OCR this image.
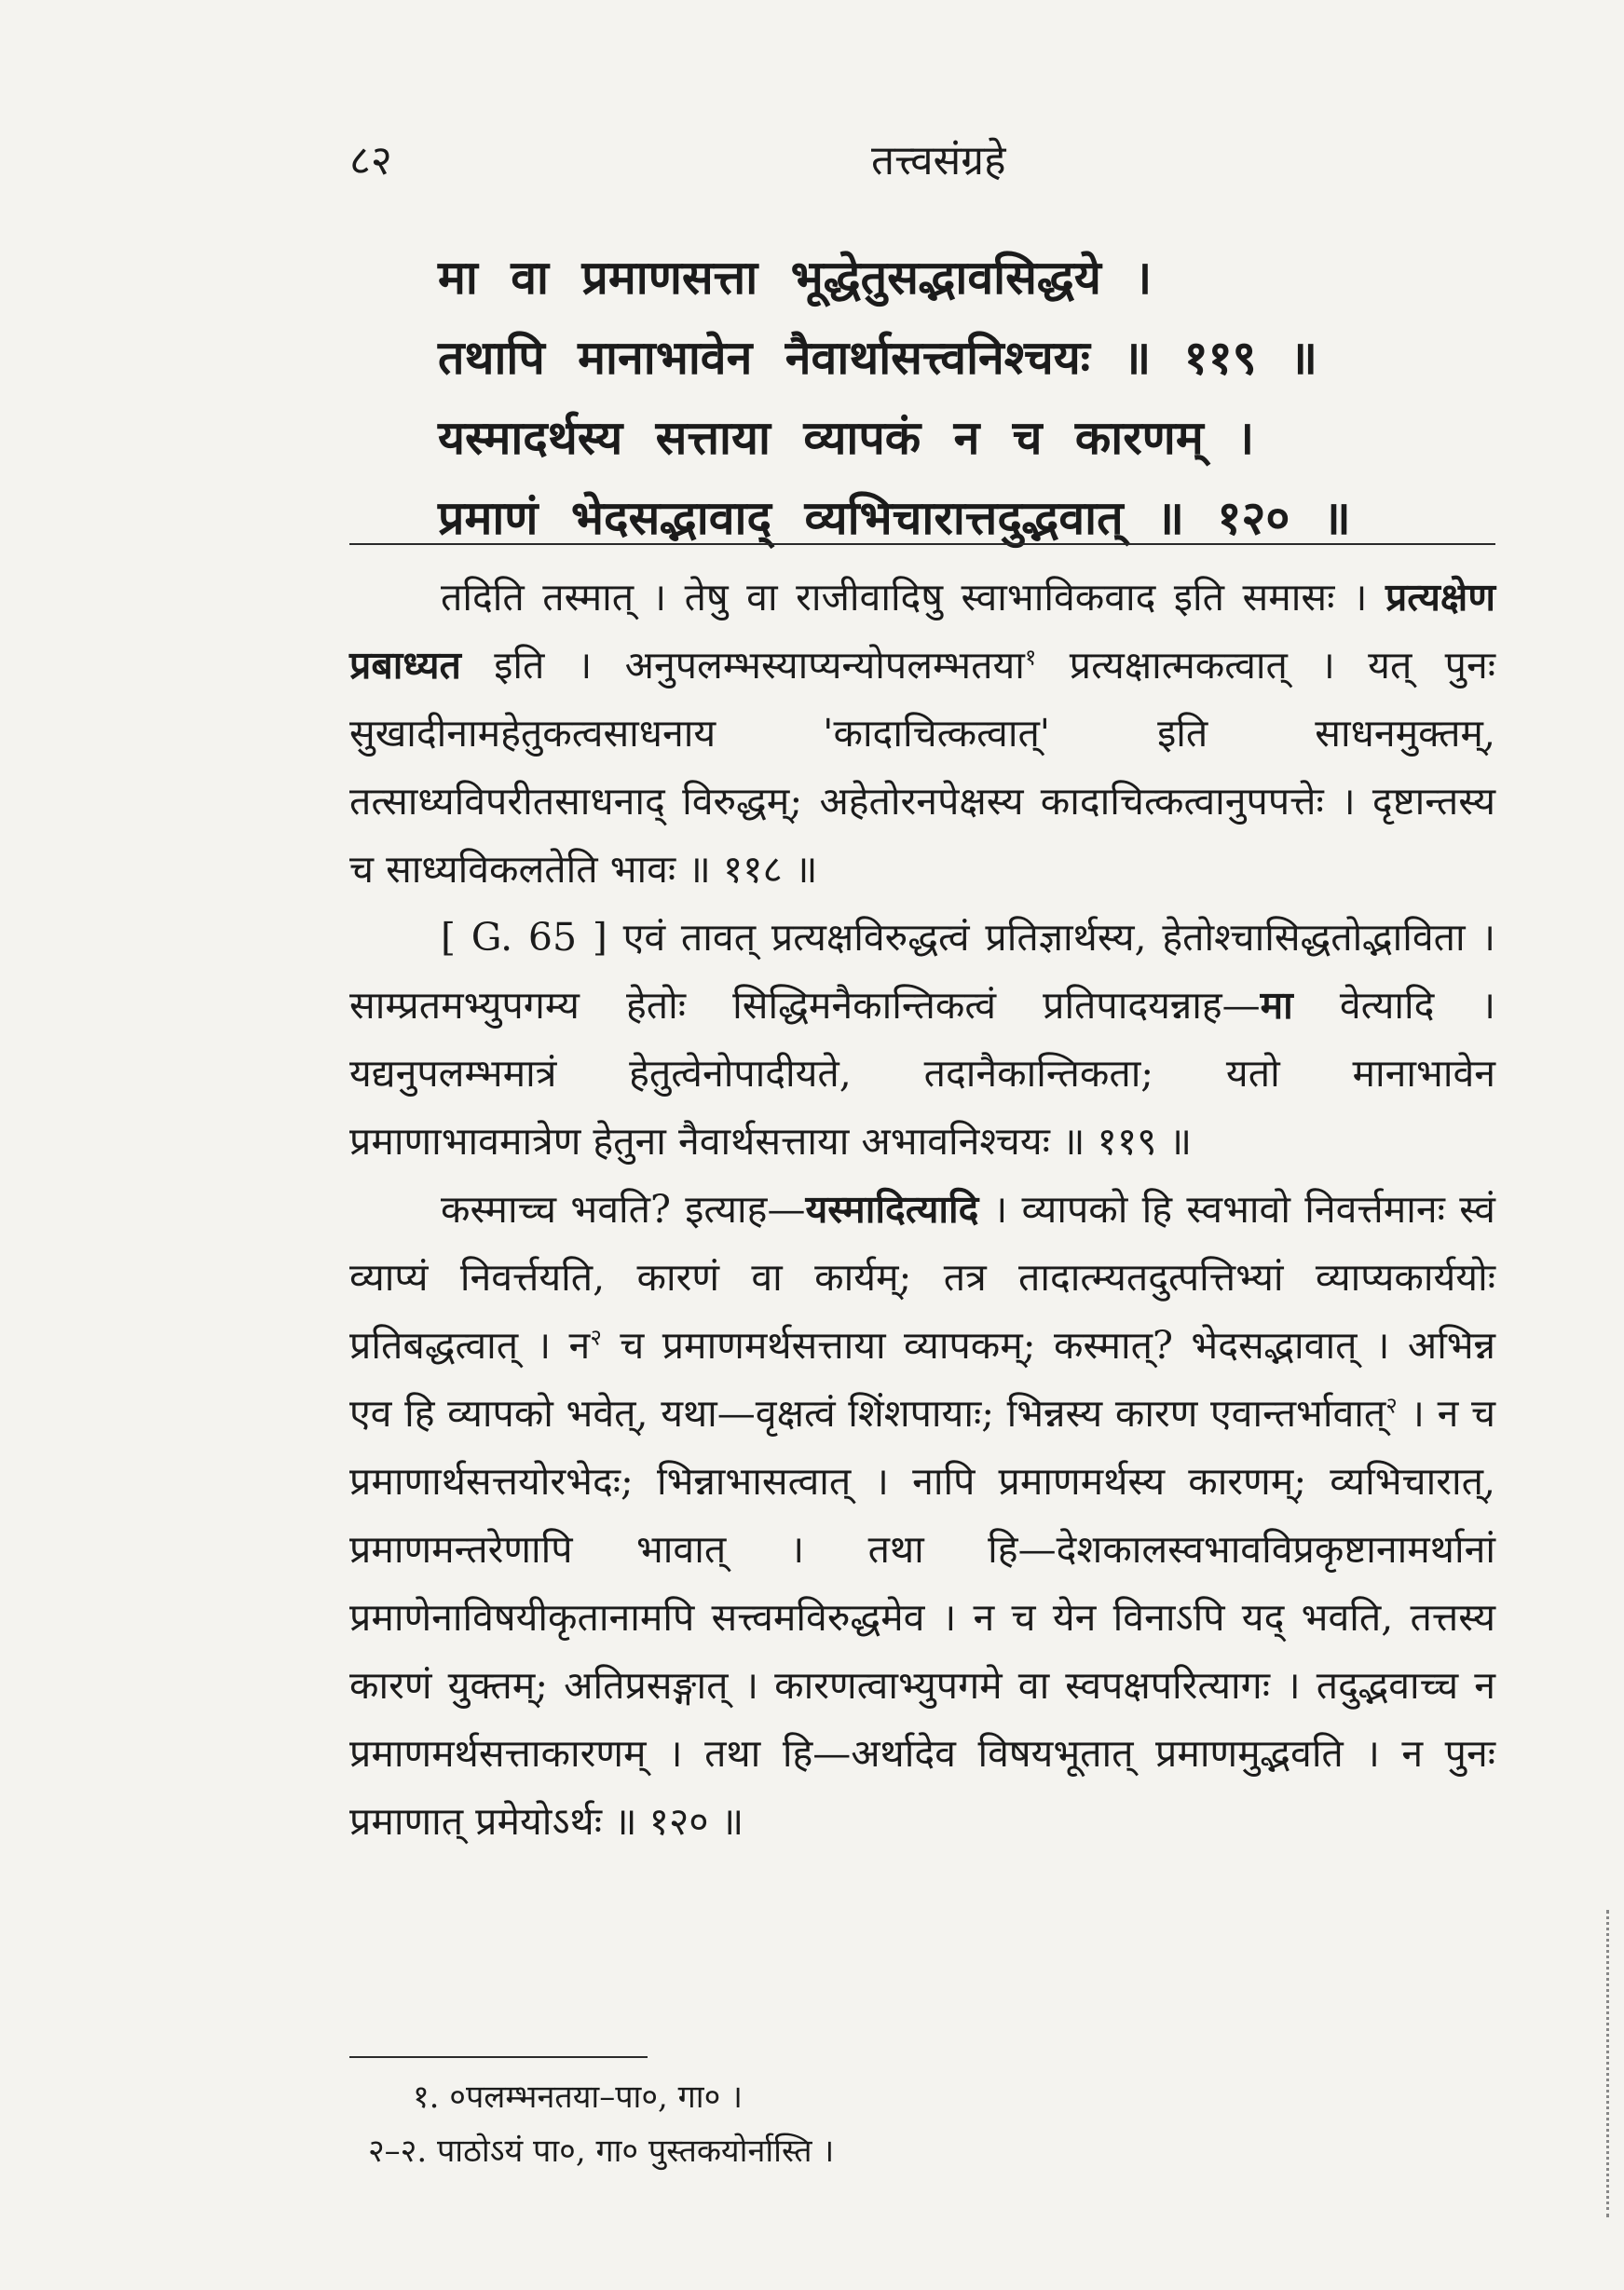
८२	तत्त्वसंग्रहे
मा वा प्रमाणसत्ता भूद्धेतुसद्भावसिद्धये ।
तथापि मानाभावेन नैवार्थासत्त्वनिश्चयः ॥ ११९ ॥
यस्मादर्थस्य सत्ताया व्यापकं न च कारणम् ।
प्रमाणं भेदसद्भावाद् व्यभिचारात्तदुद्भवात् ॥ १२० ॥

तदिति तस्मात् । तेषु वा राजीवादिषु स्वाभाविकवाद इति समासः । प्रत्यक्षेण प्रबाध्यत इति । अनुपलम्भस्याप्यन्योपलम्भतया$^१$ प्रत्यक्षात्मकत्वात् । यत् पुनः सुखादीनामहेतुकत्वसाधनाय 'कादाचित्कत्वात्' इति साधनमुक्तम्, तत्साध्यविपरीतसाधनाद् विरुद्धम्; अहेतोरनपेक्षस्य कादाचित्कत्वानुपपत्तेः । दृष्टान्तस्य च साध्यविकलतेति भावः ॥ ११८ ॥

[ G. 65 ] एवं तावत् प्रत्यक्षविरुद्धत्वं प्रतिज्ञार्थस्य, हेतोश्चासिद्धतोद्भाविता । साम्प्रतमभ्युपगम्य हेतोः सिद्धिमनैकान्तिकत्वं प्रतिपादयन्नाह—मा वेत्यादि । यद्यनुपलम्भमात्रं हेतुत्वेनोपादीयते, तदानैकान्तिकता; यतो मानाभावेन प्रमाणाभावमात्रेण हेतुना नैवार्थसत्ताया अभावनिश्चयः ॥ ११९ ॥

कस्माच्च भवति? इत्याह—यस्मादित्यादि । व्यापको हि स्वभावो निवर्त्तमानः स्वं व्याप्यं निवर्त्तयति, कारणं वा कार्यम्; तत्र तादात्म्यतदुत्पत्तिभ्यां व्याप्यकार्ययोः प्रतिबद्धत्वात् । न$^२$ च प्रमाणमर्थसत्ताया व्यापकम्; कस्मात्? भेदसद्भावात् । अभिन्न एव हि व्यापको भवेत्, यथा—वृक्षत्वं शिंशपायाः; भिन्नस्य कारण एवान्तर्भावात्$^२$ । न च प्रमाणार्थसत्तयोरभेदः; भिन्नाभासत्वात् । नापि प्रमाणमर्थस्य कारणम्; व्यभिचारात्, प्रमाणमन्तरेणापि भावात् । तथा हि—देशकालस्वभावविप्रकृष्टानामर्थानां प्रमाणेनाविषयीकृतानामपि सत्त्वमविरुद्धमेव । न च येन विनाऽपि यद् भवति, तत्तस्य कारणं युक्तम्; अतिप्रसङ्गात् । कारणत्वाभ्युपगमे वा स्वपक्षपरित्यागः । तदुद्भवाच्च न प्रमाणमर्थसत्ताकारणम् । तथा हि—अर्थादेव विषयभूतात् प्रमाणमुद्भवति । न पुनः प्रमाणात् प्रमेयोऽर्थः ॥ १२० ॥

१. ०पलम्भनतया–पा०, गा० ।
२–२. पाठोऽयं पा०, गा० पुस्तकयोर्नास्ति ।
